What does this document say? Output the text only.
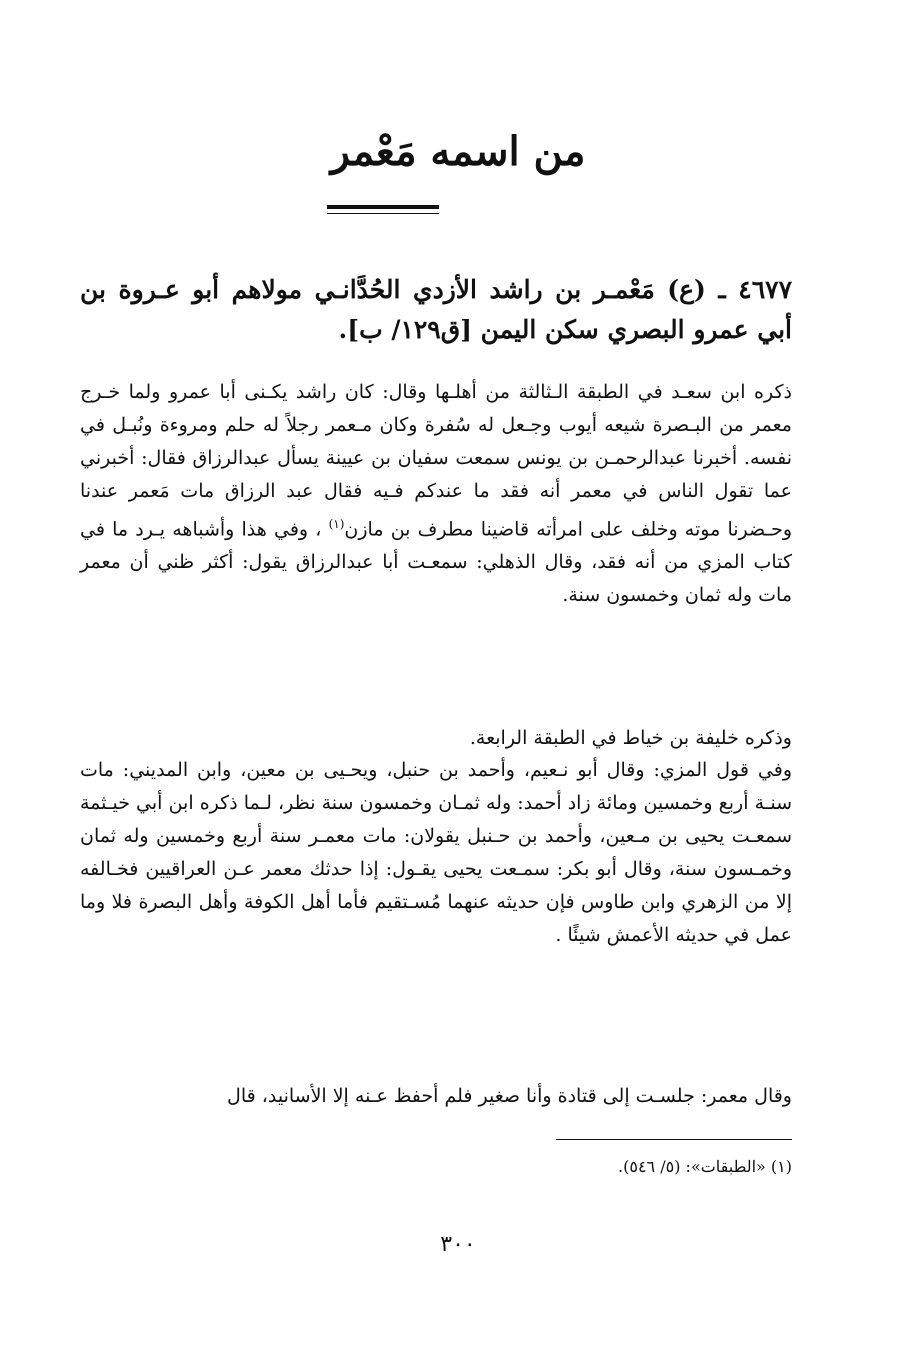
من اسمه مَعْمر
٤٦٧٧ ـ (ع) مَعْمـر بن راشد الأزدي الحُدَّانـي مولاهم أبو عـروة بن أبي عمرو البصري سكن اليمن [ق١٢٩/ ب].

ذكره ابن سعـد في الطبقة الـثالثة من أهلـها وقال: كان راشد يكـنى أبا عمرو ولما خـرج معمر من البـصرة شيعه أيوب وجـعل له سُفرة وكان مـعمر رجلاً له حلم ومروءة ونُبـل في نفسه. أخبرنا عبدالرحمـن بن يونس سمعت سفيان بن عيينة يسأل عبدالرزاق فقال: أخبرني عما تقول الناس في معمر أنه فقد ما عندكم فـيه فقال عبد الرزاق مات مَعمر عندنا وحـضرنا موته وخلف على امرأته قاضينا مطرف بن مازن$^{(١)}$ ، وفي هذا وأشباهه يـرد ما في كتاب المزي من أنه فقد، وقال الذهلي: سمعـت أبا عبدالرزاق يقول: أكثر ظني أن معمر مات وله ثمان وخمسون سنة.

وذكره خليفة بن خياط في الطبقة الرابعة.

وفي قول المزي: وقال أبو نـعيم، وأحمد بن حنبل، ويحـيى بن معين، وابن المديني: مات سنـة أربع وخمسين ومائة زاد أحمد: وله ثمـان وخمسون سنة نظر، لـما ذكره ابن أبي خيـثمة سمعـت يحيى بن مـعين، وأحمد بن حـنبل يقولان: مات معمـر سنة أربع وخمسين وله ثمان وخمـسون سنة، وقال أبو بكر: سمـعت يحيى يقـول: إذا حدثك معمر عـن العراقيين فخـالفه إلا من الزهري وابن طاوس فإن حديثه عنهما مُسـتقيم فأما أهل الكوفة وأهل البصرة فلا وما عمل في حديثه الأعمش شيئًا .

وقال معمر: جلسـت إلى قتادة وأنا صغير فلم أحفظ عـنه إلا الأسانيد، قال

(١) «الطبقات»: (٥/ ٥٤٦).

٣٠٠
